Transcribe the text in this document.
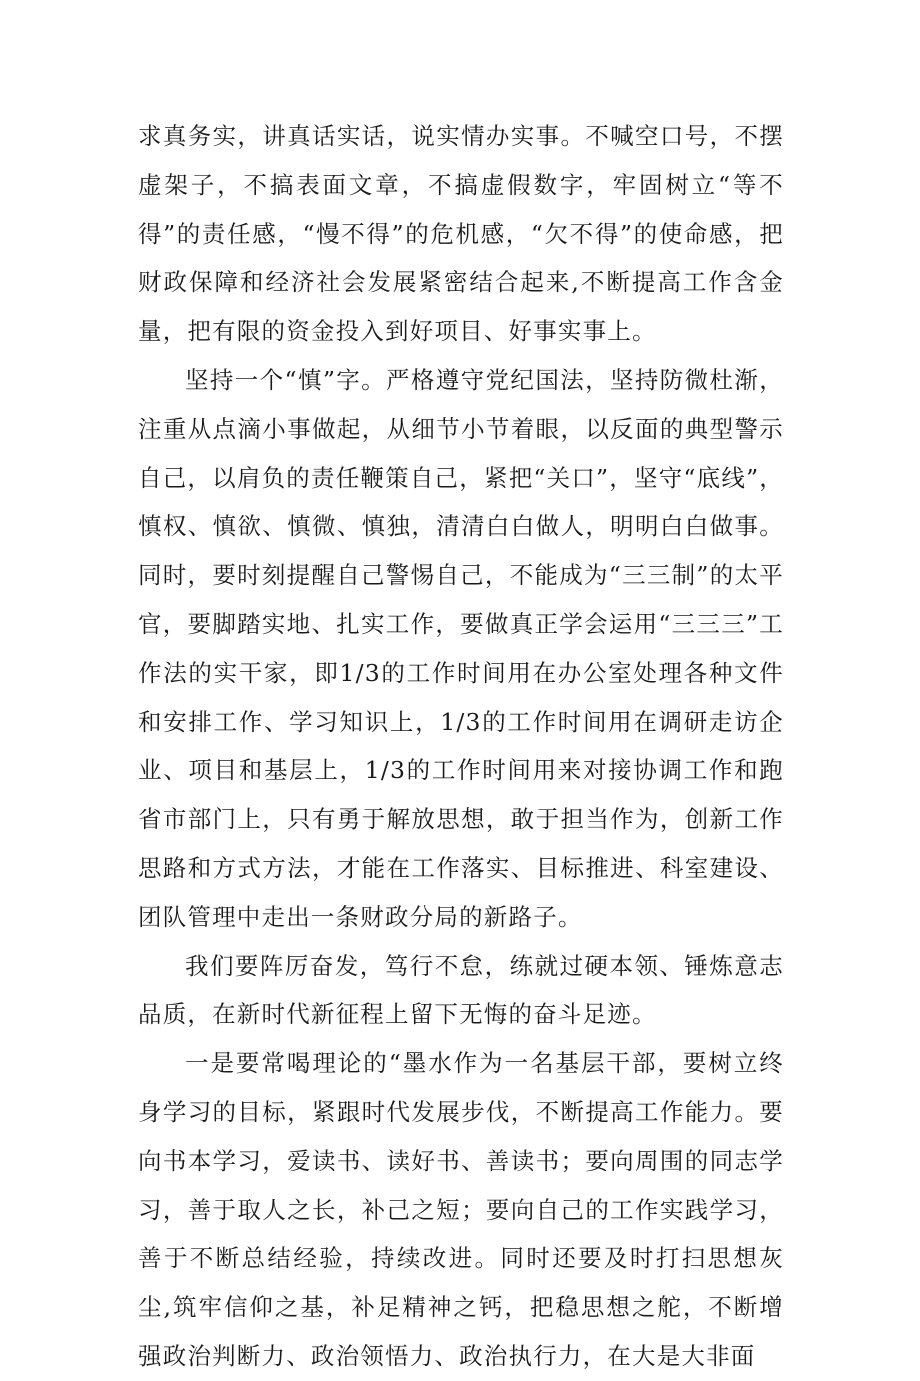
求真务实，讲真话实话，说实情办实事。不喊空口号，不摆虚架子，不搞表面文章，不搞虚假数字，牢固树立“等不得”的责任感，“慢不得”的危机感，“欠不得”的使命感，把财政保障和经济社会发展紧密结合起来,不断提高工作含金量，把有限的资金投入到好项目、好事实事上。

坚持一个“慎”字。严格遵守党纪国法，坚持防微杜渐，注重从点滴小事做起，从细节小节着眼，以反面的典型警示自己，以肩负的责任鞭策自己，紧把“关口”，坚守“底线”，慎权、慎欲、慎微、慎独，清清白白做人，明明白白做事。同时，要时刻提醒自己警惕自己，不能成为“三三制”的太平官，要脚踏实地、扎实工作，要做真正学会运用“三三三”工作法的实干家，即1/3的工作时间用在办公室处理各种文件和安排工作、学习知识上，1/3的工作时间用在调研走访企业、项目和基层上，1/3的工作时间用来对接协调工作和跑省市部门上，只有勇于解放思想，敢于担当作为，创新工作思路和方式方法，才能在工作落实、目标推进、科室建设、团队管理中走出一条财政分局的新路子。

我们要阵厉奋发，笃行不怠，练就过硬本领、锤炼意志品质，在新时代新征程上留下无悔的奋斗足迹。

一是要常喝理论的“墨水作为一名基层干部，要树立终身学习的目标，紧跟时代发展步伐，不断提高工作能力。要向书本学习，爱读书、读好书、善读书；要向周围的同志学习，善于取人之长，补己之短；要向自己的工作实践学习，善于不断总结经验，持续改进。同时还要及时打扫思想灰尘,筑牢信仰之基，补足精神之钙，把稳思想之舵，不断增强政治判断力、政治领悟力、政治执行力，在大是大非面
